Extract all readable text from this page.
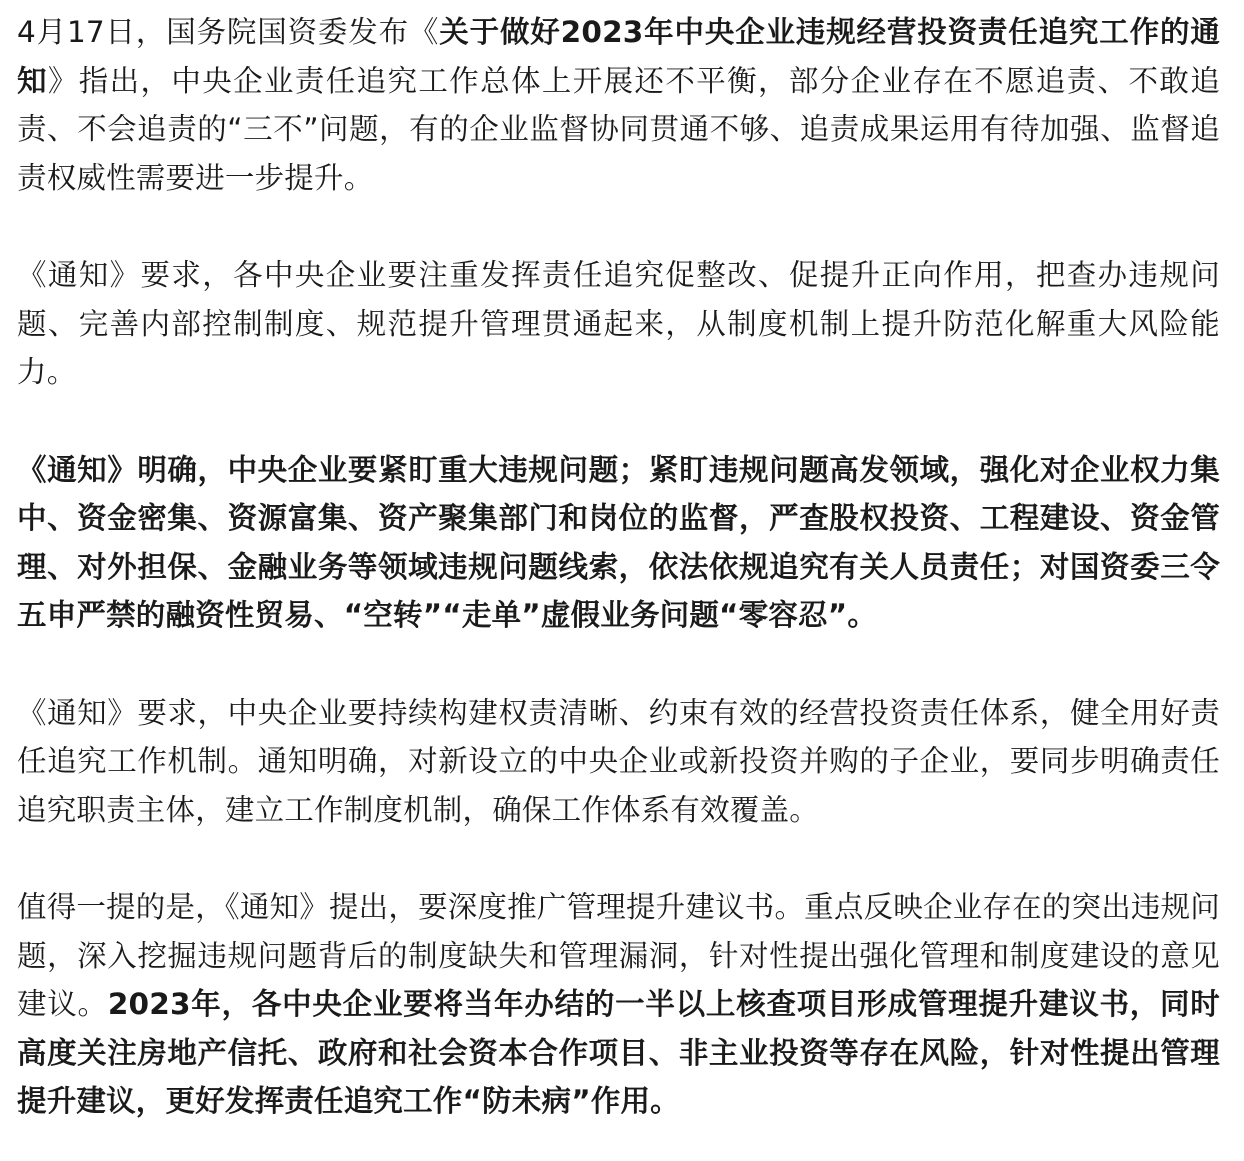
4月17日，国务院国资委发布《关于做好2023年中央企业违规经营投资责任追究工作的通知》指出，中央企业责任追究工作总体上开展还不平衡，部分企业存在不愿追责、不敢追责、不会追责的“三不”问题，有的企业监督协同贯通不够、追责成果运用有待加强、监督追责权威性需要进一步提升。

《通知》要求，各中央企业要注重发挥责任追究促整改、促提升正向作用，把查办违规问题、完善内部控制制度、规范提升管理贯通起来，从制度机制上提升防范化解重大风险能力。

《通知》明确，中央企业要紧盯重大违规问题；紧盯违规问题高发领域，强化对企业权力集中、资金密集、资源富集、资产聚集部门和岗位的监督，严查股权投资、工程建设、资金管理、对外担保、金融业务等领域违规问题线索，依法依规追究有关人员责任；对国资委三令五申严禁的融资性贸易、“空转”“走单”虚假业务问题“零容忍”。

《通知》要求，中央企业要持续构建权责清晰、约束有效的经营投资责任体系，健全用好责任追究工作机制。通知明确，对新设立的中央企业或新投资并购的子企业，要同步明确责任追究职责主体，建立工作制度机制，确保工作体系有效覆盖。

值得一提的是，《通知》提出，要深度推广管理提升建议书。重点反映企业存在的突出违规问题，深入挖掘违规问题背后的制度缺失和管理漏洞，针对性提出强化管理和制度建设的意见建议。2023年，各中央企业要将当年办结的一半以上核查项目形成管理提升建议书，同时高度关注房地产信托、政府和社会资本合作项目、非主业投资等存在风险，针对性提出管理提升建议，更好发挥责任追究工作“防未病”作用。
